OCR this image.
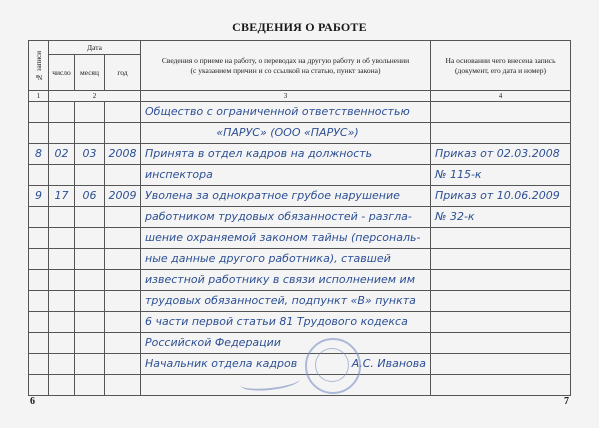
СВЕДЕНИЯ О РАБОТЕ
№ записи	Дата			Сведения о приеме на работу, о переводах на другую работу и об увольнении (с указанием причин и со ссылкой на статью, пункт закона)	На основании чего внесена запись (документ, его дата и номер)
	число	месяц	год		
1	2			3	4
				Общество с ограниченной ответственностью	
				«ПАРУС» (ООО «ПАРУС»)	
8	02	03	2008	Принята в отдел кадров на должность	Приказ от 02.03.2008
				инспектора	№ 115-к
9	17	06	2009	Уволена за однократное грубое нарушение	Приказ от 10.06.2009
				работником трудовых обязанностей - разгла-	№ 32-к
				шение охраняемой законом тайны (персональ-	
				ные данные другого работника), ставшей	
				известной работнику в связи исполнением им	
				трудовых обязанностей, подпункт «В» пункта	
				6 части первой статьи 81 Трудового кодекса	
				Российской Федерации	
				Начальник отдела кадров А.С. Иванова	

6	7
